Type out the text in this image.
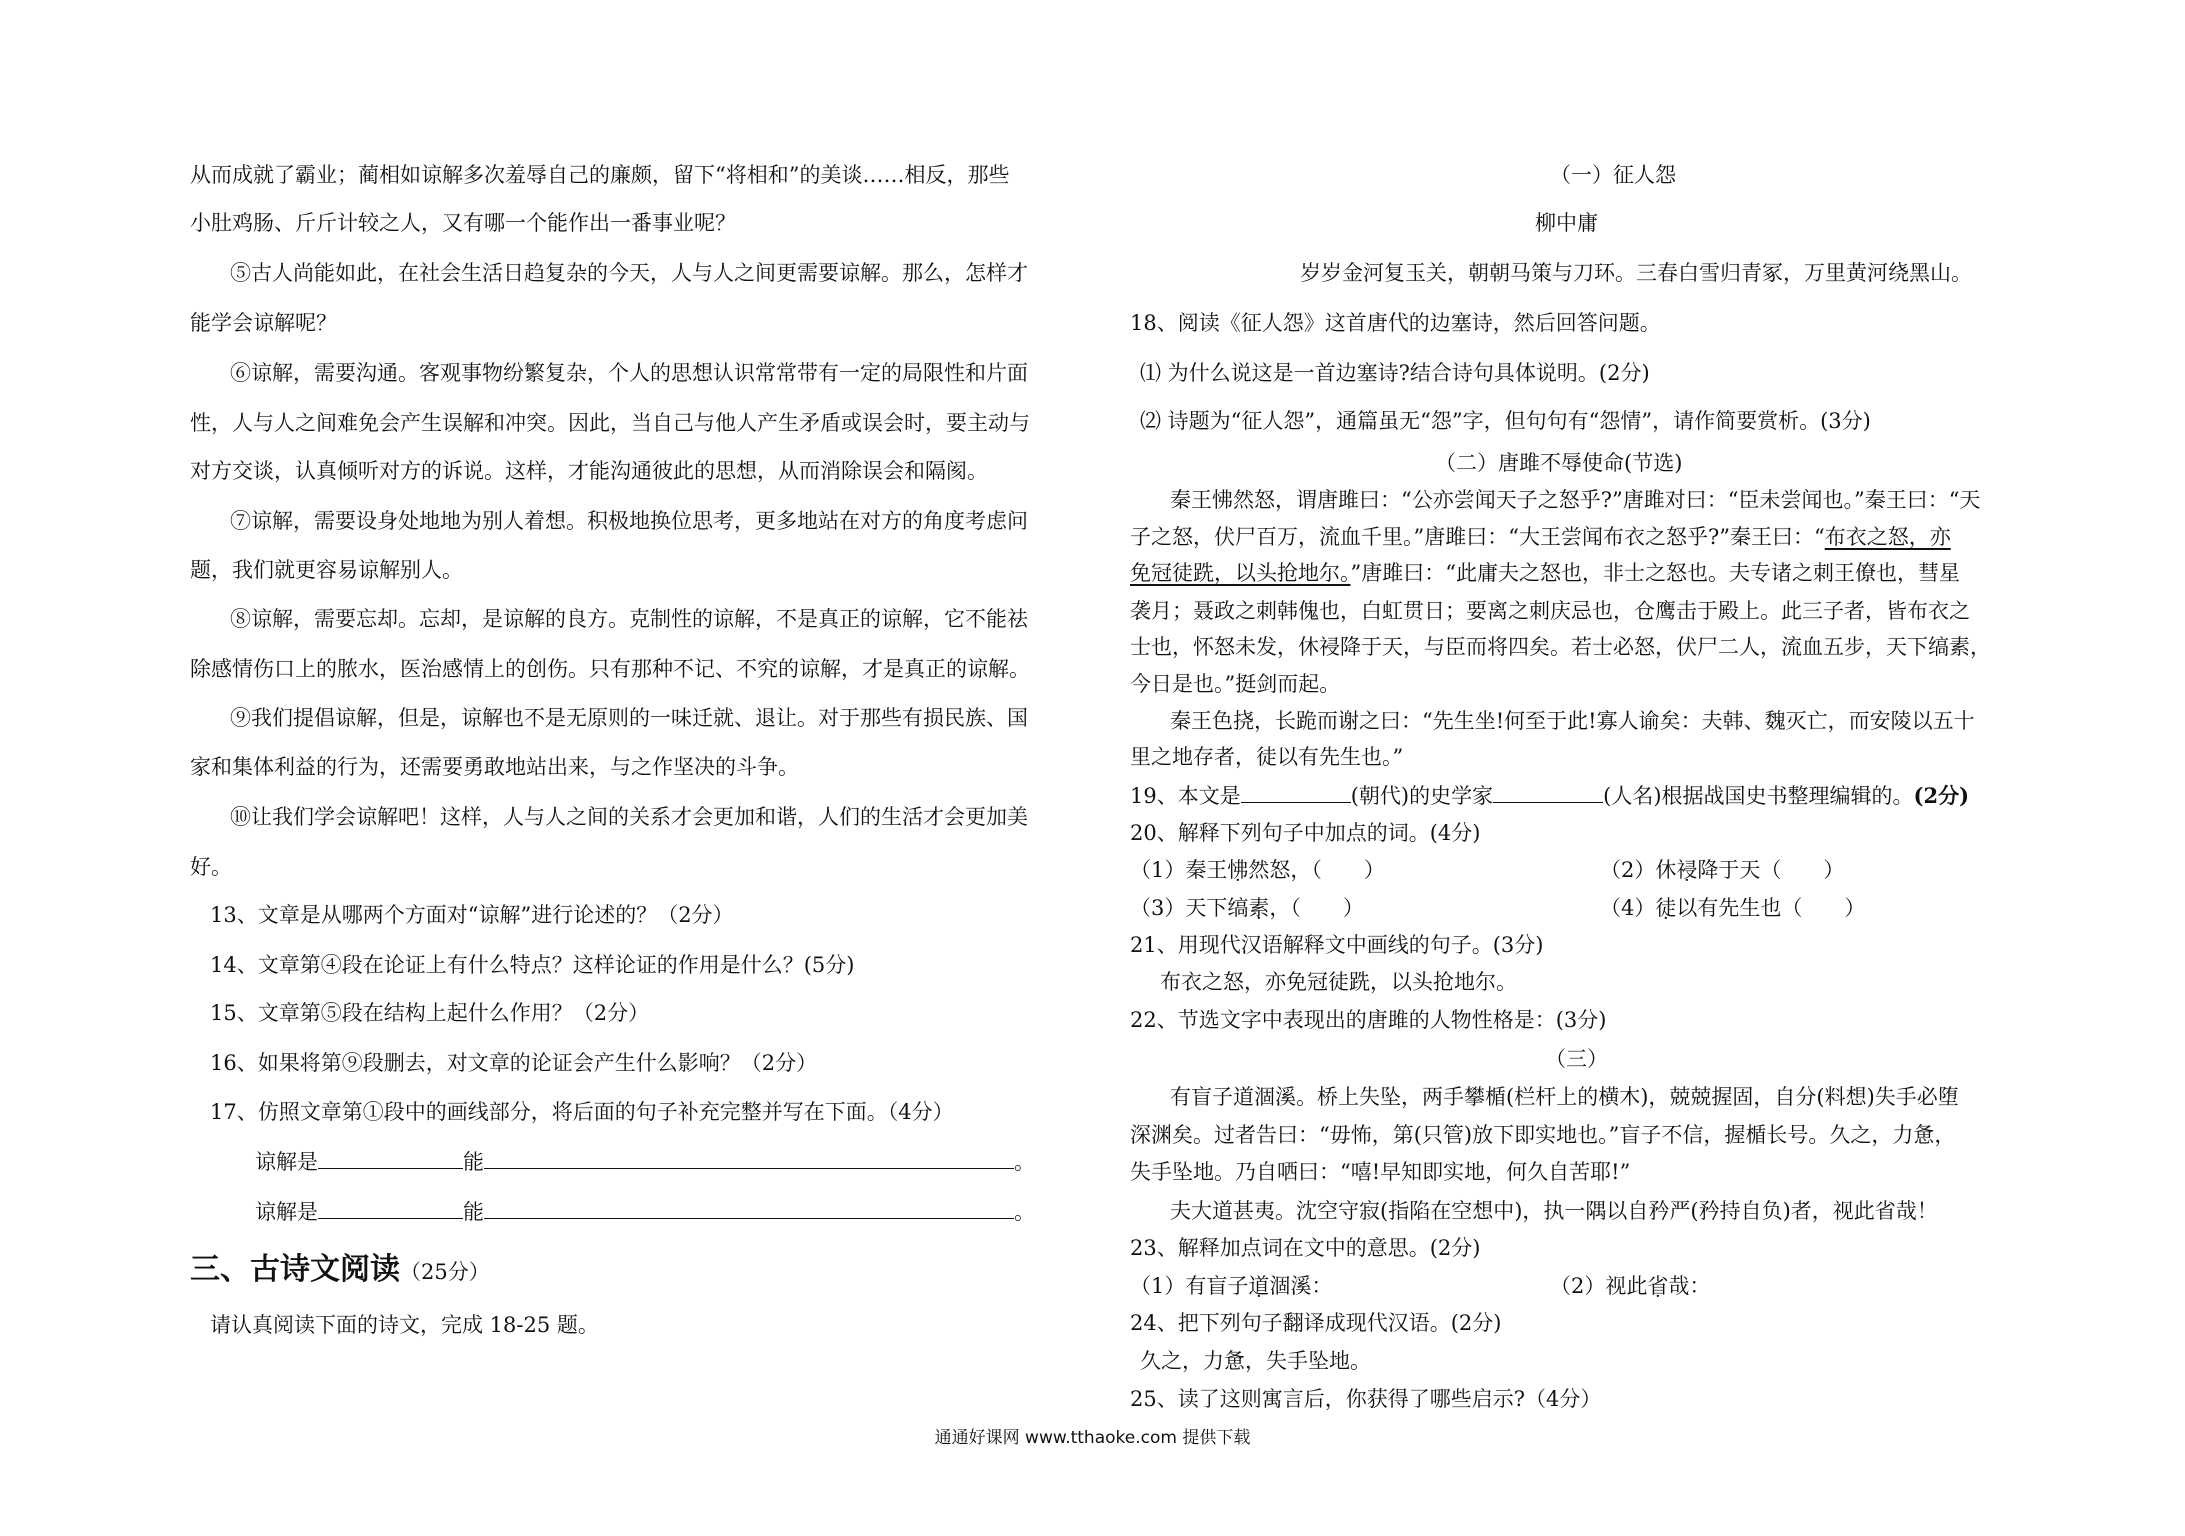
从而成就了霸业；蔺相如谅解多次羞辱自己的廉颇，留下“将相和”的美谈……相反，那些
小肚鸡肠、斤斤计较之人，又有哪一个能作出一番事业呢？
⑤古人尚能如此，在社会生活日趋复杂的今天，人与人之间更需要谅解。那么，怎样才
能学会谅解呢？
⑥谅解，需要沟通。客观事物纷繁复杂，个人的思想认识常常带有一定的局限性和片面
性，人与人之间难免会产生误解和冲突。因此，当自己与他人产生矛盾或误会时，要主动与
对方交谈，认真倾听对方的诉说。这样，才能沟通彼此的思想，从而消除误会和隔阂。
⑦谅解，需要设身处地地为别人着想。积极地换位思考，更多地站在对方的角度考虑问
题，我们就更容易谅解别人。
⑧谅解，需要忘却。忘却，是谅解的良方。克制性的谅解，不是真正的谅解，它不能祛
除感情伤口上的脓水，医治感情上的创伤。只有那种不记、不究的谅解，才是真正的谅解。
⑨我们提倡谅解，但是，谅解也不是无原则的一味迁就、退让。对于那些有损民族、国
家和集体利益的行为，还需要勇敢地站出来，与之作坚决的斗争。
⑩让我们学会谅解吧！这样，人与人之间的关系才会更加和谐，人们的生活才会更加美
好。
13、文章是从哪两个方面对“谅解”进行论述的？（2分）
14、文章第④段在论证上有什么特点？这样论证的作用是什么？(5分)
15、文章第⑤段在结构上起什么作用？（2分）
16、如果将第⑨段删去，对文章的论证会产生什么影响？（2分）
17、仿照文章第①段中的画线部分，将后面的句子补充完整并写在下面。（4分）
谅解是	能	。
谅解是	能	。
三、古诗文阅读（25分）
请认真阅读下面的诗文，完成 18-25 题。
（一）征人怨
柳中庸
岁岁金河复玉关，朝朝马策与刀环。三春白雪归青冢，万里黄河绕黑山。
18、阅读《征人怨》这首唐代的边塞诗，然后回答问题。
⑴ 为什么说这是一首边塞诗?结合诗句具体说明。(2分)
⑵ 诗题为“征人怨”，通篇虽无“怨”字，但句句有“怨情”，请作简要赏析。(3分)
（二）唐雎不辱使命(节选)
秦王怫然怒，谓唐雎曰：“公亦尝闻天子之怒乎?”唐雎对曰：“臣未尝闻也。”秦王曰：“天
子之怒，伏尸百万，流血千里。”唐雎曰：“大王尝闻布衣之怒乎?”秦王曰：“布衣之怒，亦
免冠徒跣，以头抢地尔。”唐雎曰：“此庸夫之怒也，非士之怒也。夫专诸之刺王僚也，彗星
袭月；聂政之刺韩傀也，白虹贯日；要离之刺庆忌也，仓鹰击于殿上。此三子者，皆布衣之
士也，怀怒未发，休祲降于天，与臣而将四矣。若士必怒，伏尸二人，流血五步，天下缟素，
今日是也。”挺剑而起。
秦王色挠，长跪而谢之曰：“先生坐!何至于此!寡人谕矣：夫韩、魏灭亡，而安陵以五十
里之地存者，徒以有先生也。”
19、本文是	(朝代)的史学家	(人名)根据战国史书整理编辑的。(2分)
20、解释下列句子中加点的词。(4分)
（1）秦王怫然怒，（　　）	（2）休祲降于天（　　）
（3）天下缟素，（　　）	（4）徒以有先生也（　　）
21、用现代汉语解释文中画线的句子。(3分)
布衣之怒，亦免冠徒跣，以头抢地尔。
22、节选文字中表现出的唐雎的人物性格是：(3分)
（三）
有盲子道涸溪。桥上失坠，两手攀楯(栏杆上的横木)，兢兢握固，自分(料想)失手必堕
深渊矣。过者告曰：“毋怖，第(只管)放下即实地也。”盲子不信，握楯长号。久之，力惫，
失手坠地。乃自哂曰：“嘻!早知即实地，何久自苦耶!”
夫大道甚夷。沈空守寂(指陷在空想中)，执一隅以自矜严(矜持自负)者，视此省哉！
23、解释加点词在文中的意思。(2分)
（1）有盲子道涸溪：	（2）视此省哉：
24、把下列句子翻译成现代汉语。(2分)
久之，力惫，失手坠地。
25、读了这则寓言后，你获得了哪些启示?（4分）
通通好课网 www.tthaoke.com 提供下载
